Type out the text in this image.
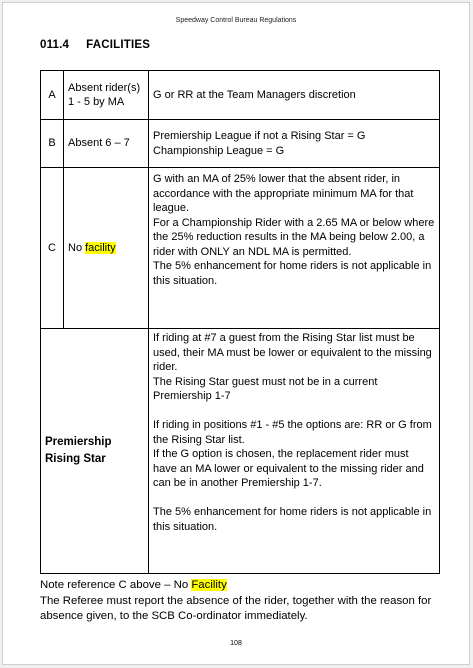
Speedway Control Bureau Regulations
011.4 FACILITIES
A	Absent rider(s) 1 - 5 by MA	G or RR at the Team Managers discretion
B	Absent 6 – 7	Premiership League if not a Rising Star = G
Championship League = G

C	No facility	G with an MA of 25% lower that the absent rider, in accordance with the appropriate minimum MA for that league.
For a Championship Rider with a 2.65 MA or below where the 25% reduction results in the MA being below 2.00, a rider with ONLY an NDL MA is permitted.
The 5% enhancement for home riders is not applicable in this situation.

Premiership Rising Star		If riding at #7 a guest from the Rising Star list must be used, their MA must be lower or equivalent to the missing rider.
The Rising Star guest must not be in a current Premiership 1-7
If riding in positions #1 - #5 the options are: RR or G from the Rising Star list.
If the G option is chosen, the replacement rider must have an MA lower or equivalent to the missing rider and can be in another Premiership 1-7.
The 5% enhancement for home riders is not applicable in this situation.
Note reference C above – No Facility
The Referee must report the absence of the rider, together with the reason for absence given, to the SCB Co-ordinator immediately.
108
